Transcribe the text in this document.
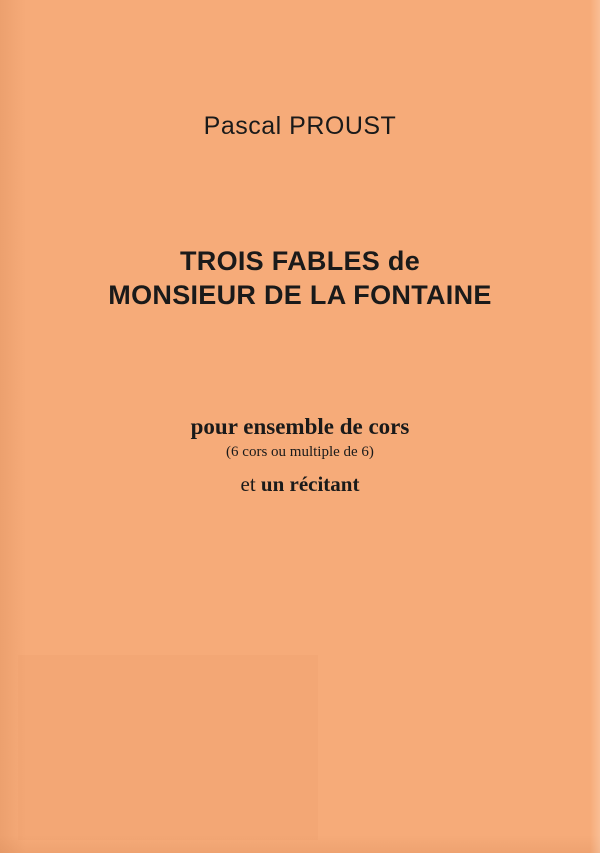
Pascal PROUST
TROIS FABLES de
MONSIEUR DE LA FONTAINE
pour ensemble de cors
(6 cors ou multiple de 6)
et un récitant
